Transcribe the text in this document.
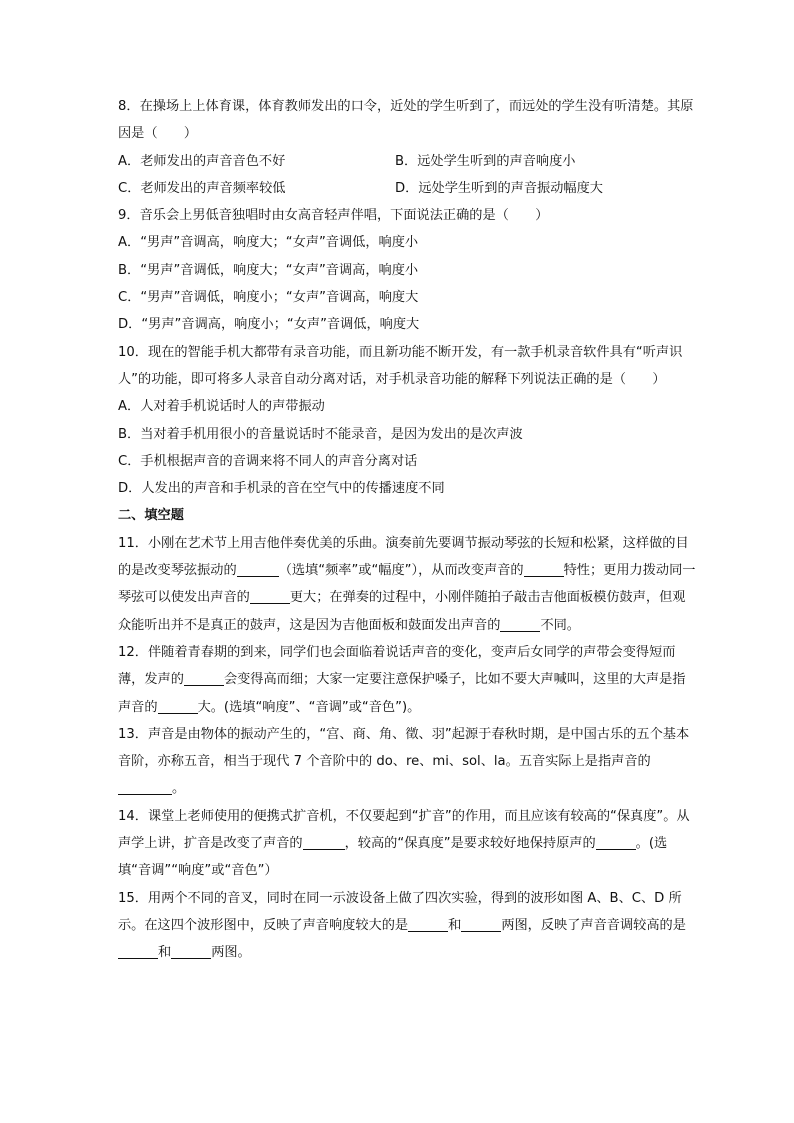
8．在操场上上体育课，体育教师发出的口令，近处的学生听到了，而远处的学生没有听清楚。其原因是（　　）
A．老师发出的声音音色不好	B．远处学生听到的声音响度小
C．老师发出的声音频率较低	D．远处学生听到的声音振动幅度大
9．音乐会上男低音独唱时由女高音轻声伴唱，下面说法正确的是（　　）
A．“男声”音调高，响度大；“女声”音调低，响度小
B．“男声”音调低，响度大；“女声”音调高，响度小
C．“男声”音调低，响度小；“女声”音调高，响度大
D．“男声”音调高，响度小；“女声”音调低，响度大
10．现在的智能手机大都带有录音功能，而且新功能不断开发，有一款手机录音软件具有“听声识人”的功能，即可将多人录音自动分离对话，对手机录音功能的解释下列说法正确的是（　　）
A．人对着手机说话时人的声带振动
B．当对着手机用很小的音量说话时不能录音，是因为发出的是次声波
C．手机根据声音的音调来将不同人的声音分离对话
D．人发出的声音和手机录的音在空气中的传播速度不同
二、填空题
11．小刚在艺术节上用吉他伴奏优美的乐曲。演奏前先要调节振动琴弦的长短和松紧，这样做的目的是改变琴弦振动的	（选填“频率”或“幅度”），从而改变声音的	特性；更用力拨动同一琴弦可以使发出声音的	更大；在弹奏的过程中，小刚伴随拍子敲击吉他面板模仿鼓声，但观众能听出并不是真正的鼓声，这是因为吉他面板和鼓面发出声音的	不同。
12．伴随着青春期的到来，同学们也会面临着说话声音的变化，变声后女同学的声带会变得短而薄，发声的	会变得高而细；大家一定要注意保护嗓子，比如不要大声喊叫，这里的大声是指声音的	大。(选填“响度”、“音调”或“音色”)。
13．声音是由物体的振动产生的，“宫、商、角、徵、羽”起源于春秋时期，是中国古乐的五个基本音阶，亦称五音，相当于现代 7 个音阶中的 do、re、mi、sol、la。五音实际上是指声音的。
14．课堂上老师使用的便携式扩音机，不仅要起到“扩音”的作用，而且应该有较高的“保真度”。从声学上讲，扩音是改变了声音的	，较高的“保真度”是要求较好地保持原声的	。(选填“音调”“响度”或“音色”）
15．用两个不同的音叉，同时在同一示波设备上做了四次实验，得到的波形如图 A、B、C、D 所示。在这四个波形图中，反映了声音响度较大的是	和	两图，反映了声音音调较高的是和	两图。
